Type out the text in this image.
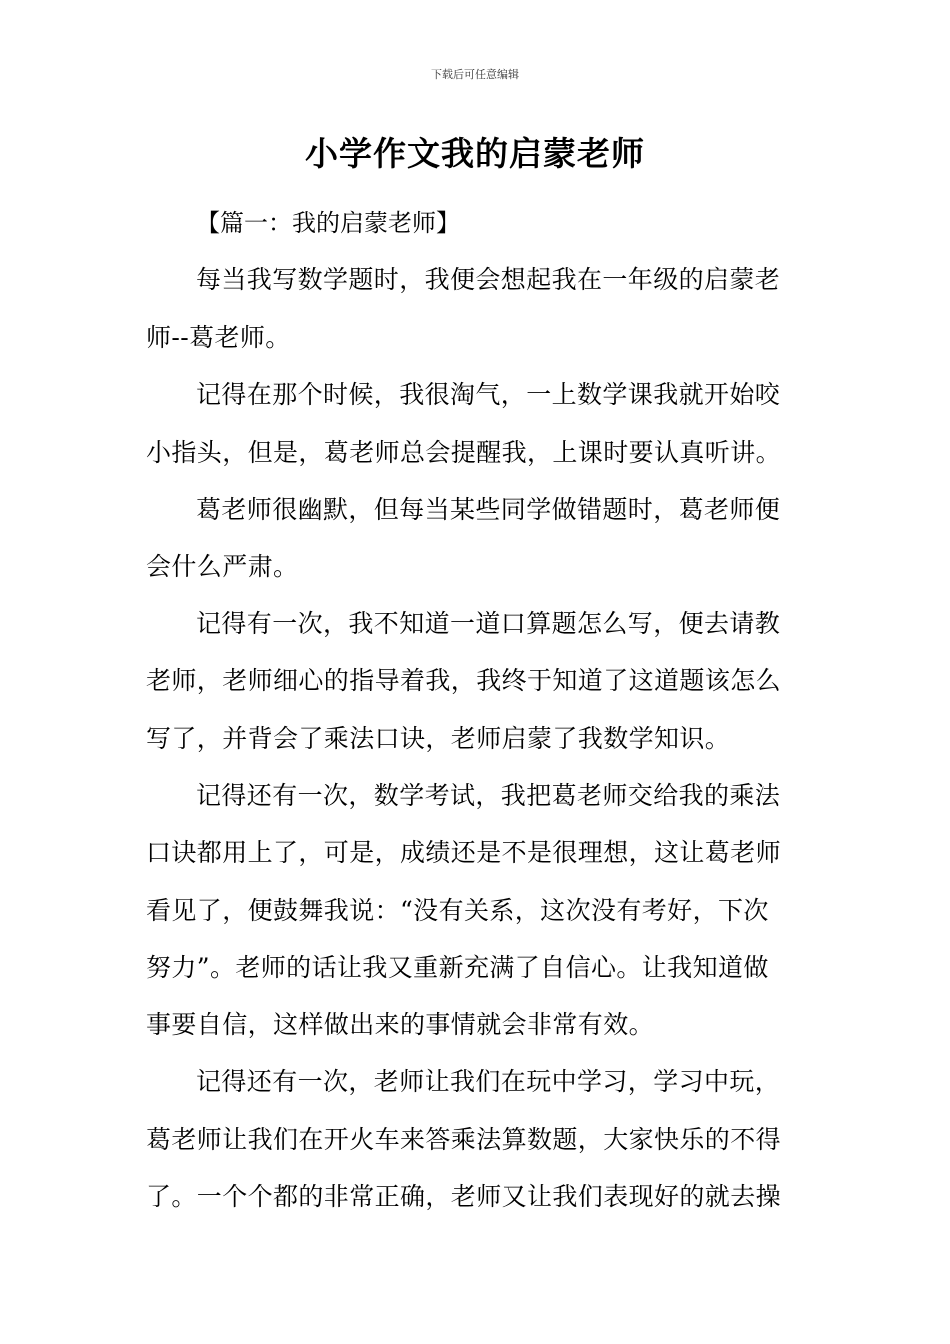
下载后可任意编辑
小学作文我的启蒙老师
【篇一：我的启蒙老师】
每当我写数学题时，我便会想起我在一年级的启蒙老
师--葛老师。
记得在那个时候，我很淘气，一上数学课我就开始咬
小指头，但是，葛老师总会提醒我，上课时要认真听讲。
葛老师很幽默，但每当某些同学做错题时，葛老师便
会什么严肃。
记得有一次，我不知道一道口算题怎么写，便去请教
老师，老师细心的指导着我，我终于知道了这道题该怎么
写了，并背会了乘法口诀，老师启蒙了我数学知识。
记得还有一次，数学考试，我把葛老师交给我的乘法
口诀都用上了，可是，成绩还是不是很理想，这让葛老师
看见了，便鼓舞我说：“没有关系，这次没有考好，下次
努力”。老师的话让我又重新充满了自信心。让我知道做
事要自信，这样做出来的事情就会非常有效。
记得还有一次，老师让我们在玩中学习，学习中玩，
葛老师让我们在开火车来答乘法算数题，大家快乐的不得
了。一个个都的非常正确，老师又让我们表现好的就去操
